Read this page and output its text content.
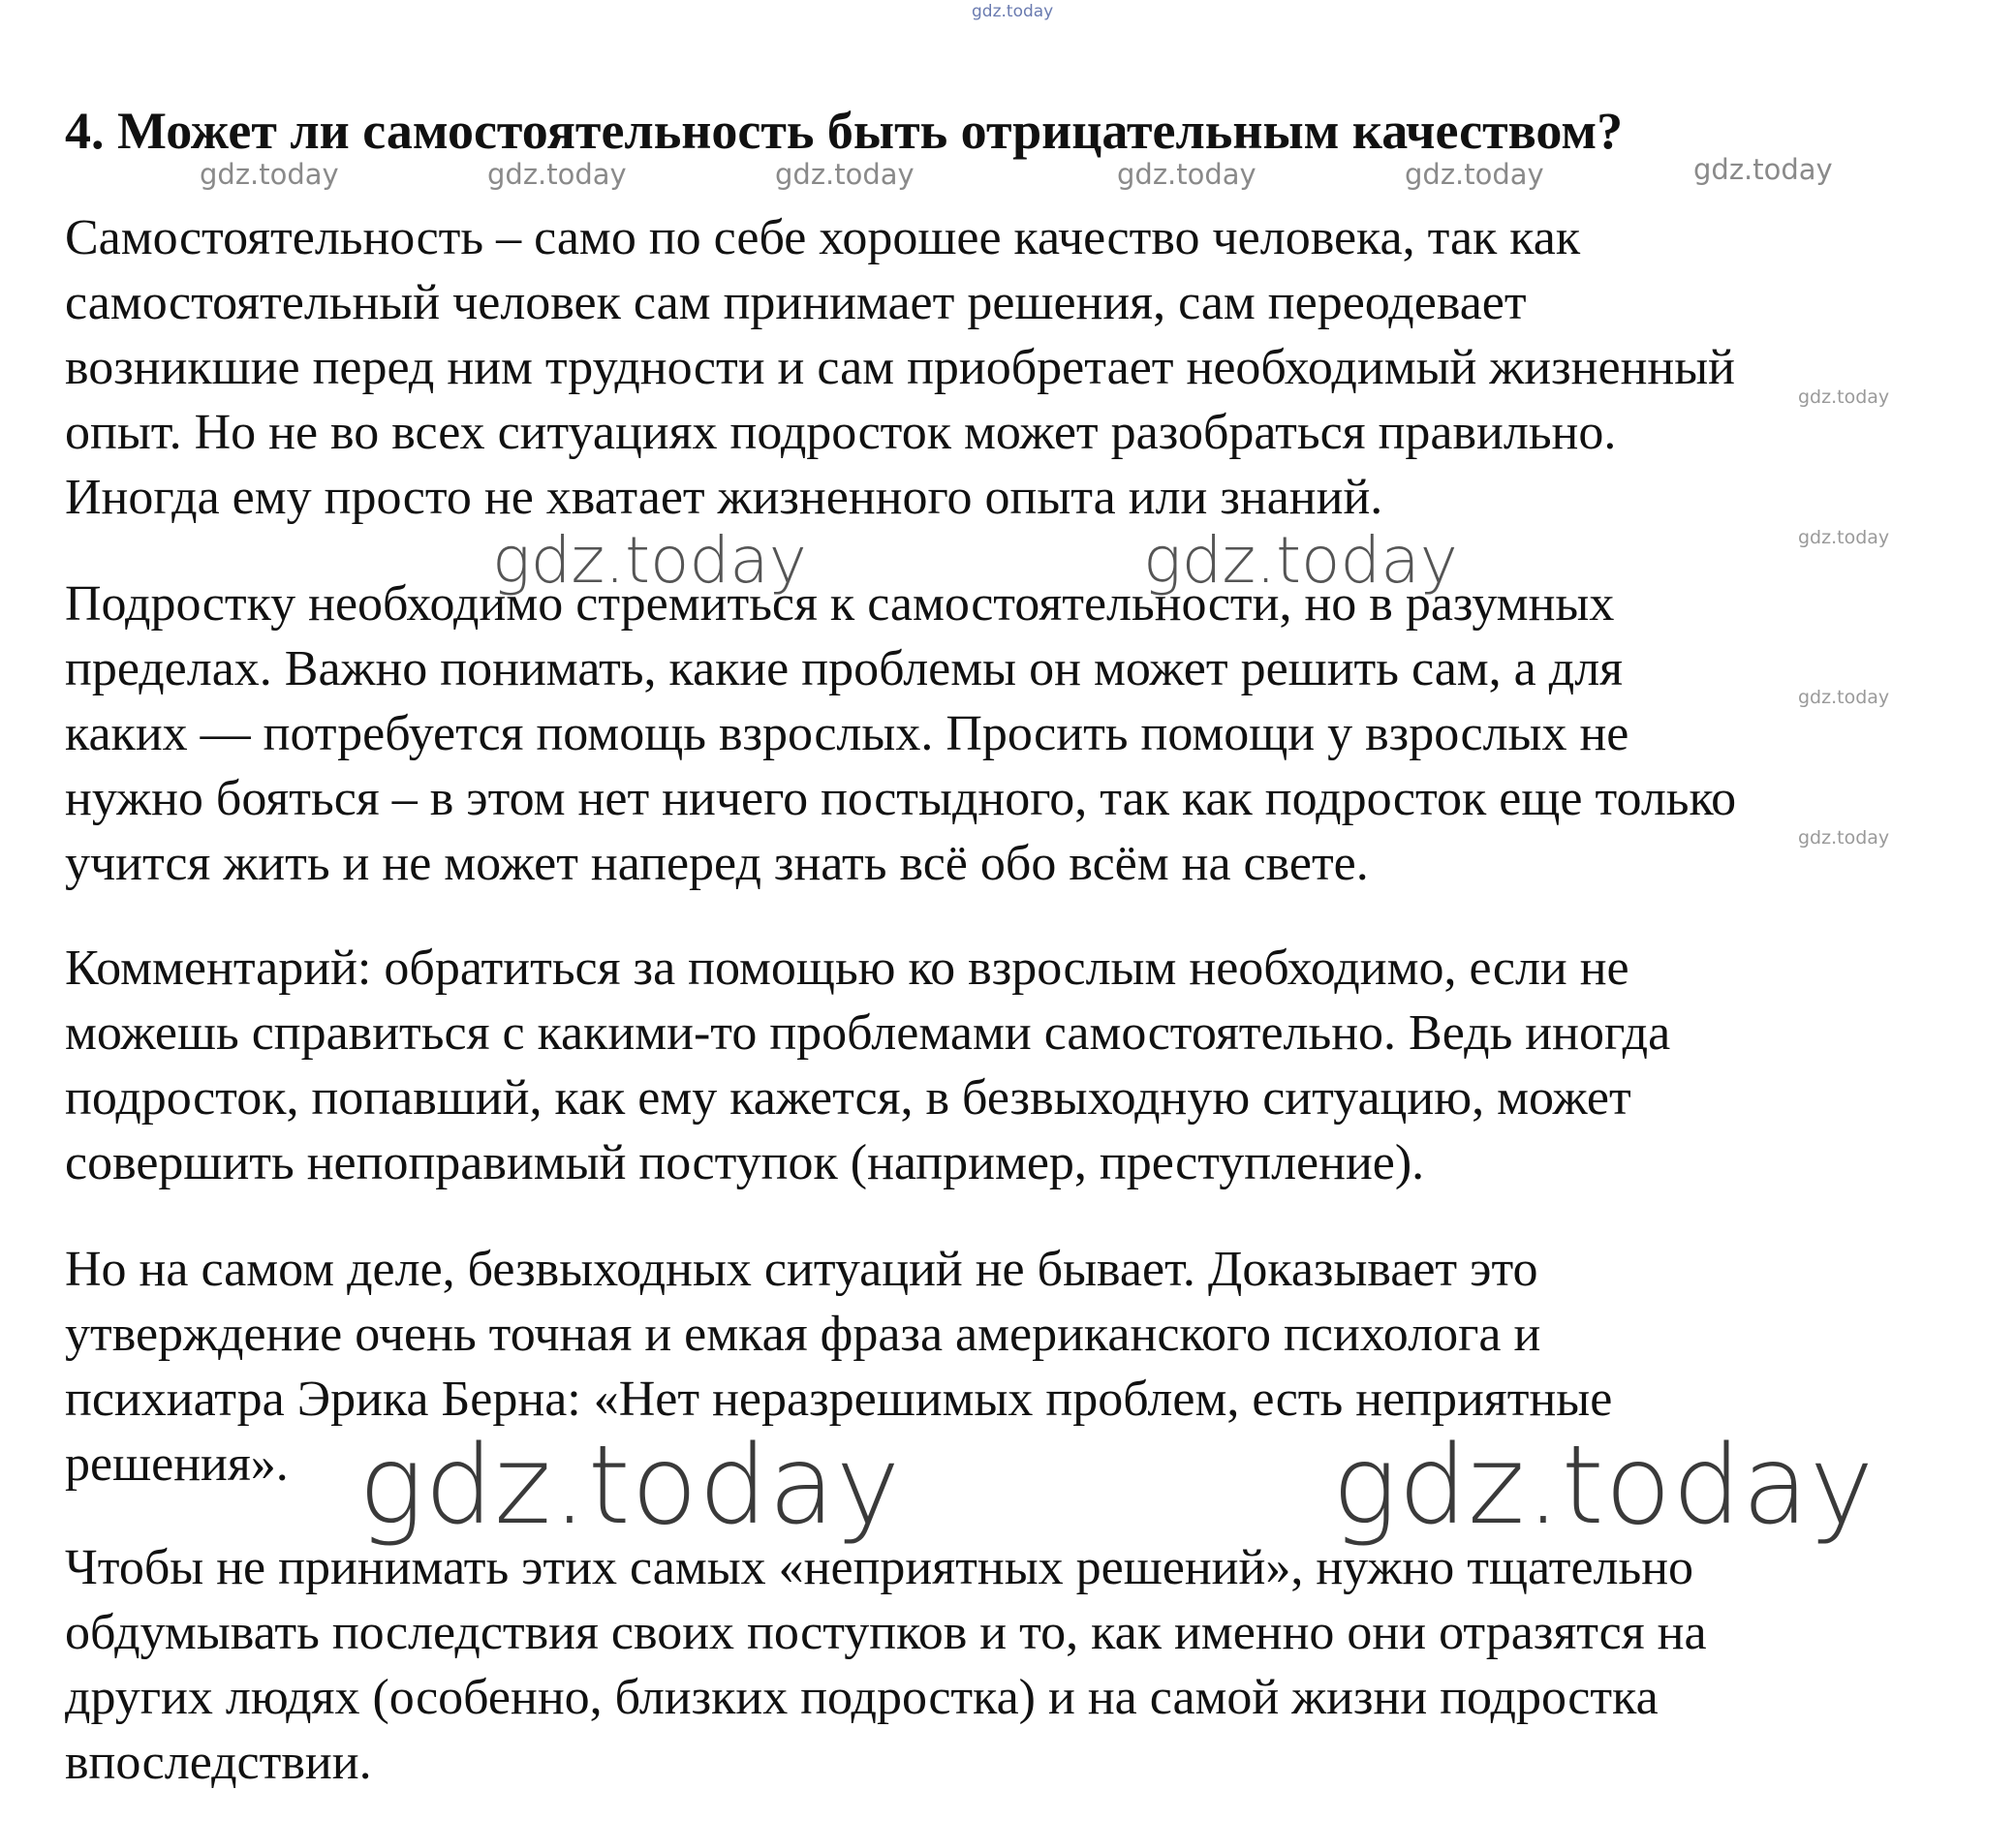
gdz.today
4. Может ли самостоятельность быть отрицательным качеством?
gdz.today	gdz.today	gdz.today	gdz.today	gdz.today	gdz.today

Самостоятельность – само по себе хорошее качество человека, так как
самостоятельный человек сам принимает решения, сам переодевает
возникшие перед ним трудности и сам приобретает необходимый жизненный
опыт. Но не во всех ситуациях подросток может разобраться правильно.
Иногда ему просто не хватает жизненного опыта или знаний.

gdz.today
gdz.today
gdz.today	gdz.today

Подростку необходимо стремиться к самостоятельности, но в разумных
пределах. Важно понимать, какие проблемы он может решить сам, а для
каких — потребуется помощь взрослых. Просить помощи у взрослых не
нужно бояться – в этом нет ничего постыдного, так как подросток еще только
учится жить и не может наперед знать всё обо всём на свете.

gdz.today
gdz.today

Комментарий: обратиться за помощью ко взрослым необходимо, если не
можешь справиться с какими-то проблемами самостоятельно. Ведь иногда
подросток, попавший, как ему кажется, в безвыходную ситуацию, может
совершить непоправимый поступок (например, преступление).

Но на самом деле, безвыходных ситуаций не бывает. Доказывает это
утверждение очень точная и емкая фраза американского психолога и
психиатра Эрика Берна: «Нет неразрешимых проблем, есть неприятные
решения». gdz.today	gdz.today

Чтобы не принимать этих самых «неприятных решений», нужно тщательно
обдумывать последствия своих поступков и то, как именно они отразятся на
других людях (особенно, близких подростка) и на самой жизни подростка
впоследствии.
